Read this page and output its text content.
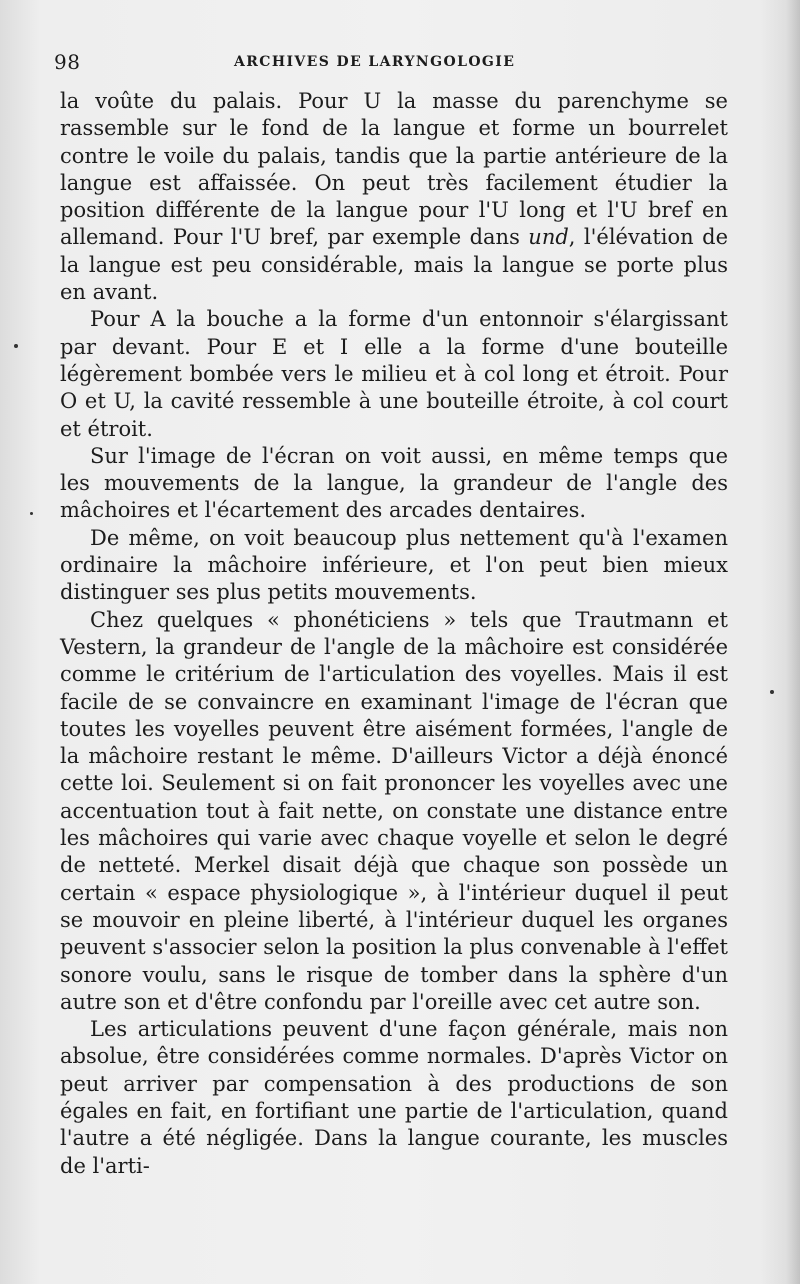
98	ARCHIVES DE LARYNGOLOGIE

la voûte du palais. Pour U la masse du parenchyme se rassemble sur le fond de la langue et forme un bourrelet contre le voile du palais, tandis que la partie antérieure de la langue est affaissée. On peut très facilement étudier la position différente de la langue pour l'U long et l'U bref en allemand. Pour l'U bref, par exemple dans und, l'élévation de la langue est peu considérable, mais la langue se porte plus en avant.

Pour A la bouche a la forme d'un entonnoir s'élargissant par devant. Pour E et I elle a la forme d'une bouteille légèrement bombée vers le milieu et à col long et étroit. Pour O et U, la cavité ressemble à une bouteille étroite, à col court et étroit.

Sur l'image de l'écran on voit aussi, en même temps que les mouvements de la langue, la grandeur de l'angle des mâchoires et l'écartement des arcades dentaires.

De même, on voit beaucoup plus nettement qu'à l'examen ordinaire la mâchoire inférieure, et l'on peut bien mieux distinguer ses plus petits mouvements.

Chez quelques « phonéticiens » tels que Trautmann et Vestern, la grandeur de l'angle de la mâchoire est considérée comme le critérium de l'articulation des voyelles. Mais il est facile de se convaincre en examinant l'image de l'écran que toutes les voyelles peuvent être aisément formées, l'angle de la mâchoire restant le même. D'ailleurs Victor a déjà énoncé cette loi. Seulement si on fait prononcer les voyelles avec une accentuation tout à fait nette, on constate une distance entre les mâchoires qui varie avec chaque voyelle et selon le degré de netteté. Merkel disait déjà que chaque son possède un certain « espace physiologique », à l'intérieur duquel il peut se mouvoir en pleine liberté, à l'intérieur duquel les organes peuvent s'associer selon la position la plus convenable à l'effet sonore voulu, sans le risque de tomber dans la sphère d'un autre son et d'être confondu par l'oreille avec cet autre son.

Les articulations peuvent d'une façon générale, mais non absolue, être considérées comme normales. D'après Victor on peut arriver par compensation à des productions de son égales en fait, en fortifiant une partie de l'articulation, quand l'autre a été négligée. Dans la langue courante, les muscles de l'arti-
